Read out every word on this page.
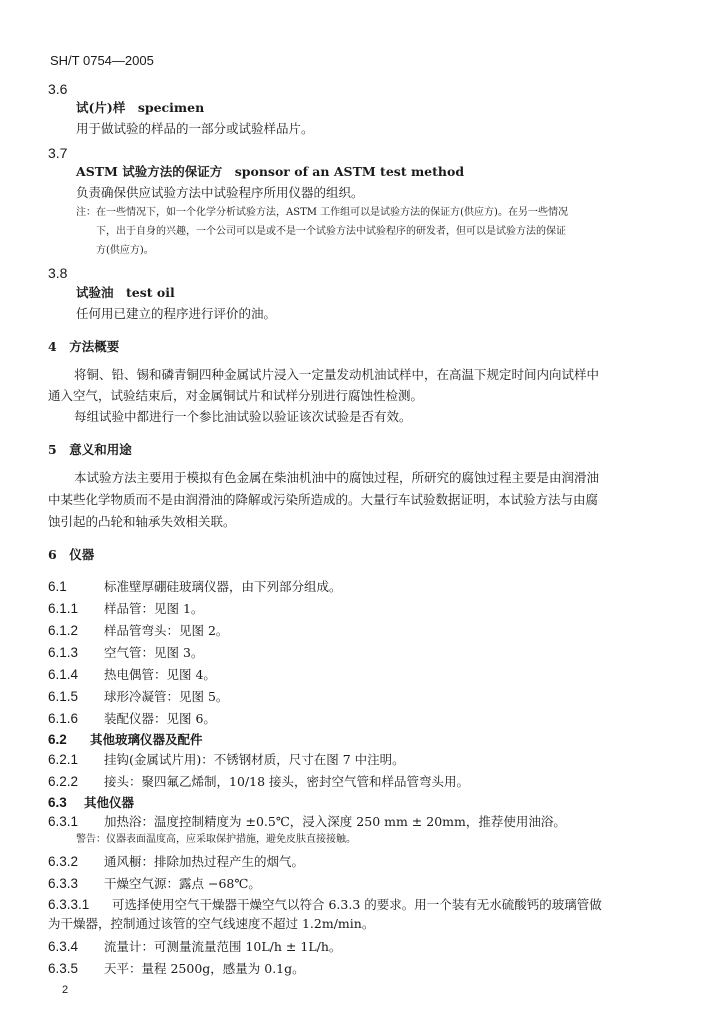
SH/T 0754—2005
3.6
试(片)样　specimen
用于做试验的样品的一部分或试验样品片。
3.7
ASTM 试验方法的保证方　sponsor of an ASTM test method
负责确保供应试验方法中试验程序所用仪器的组织。
注：在一些情况下，如一个化学分析试验方法，ASTM 工作组可以是试验方法的保证方(供应方)。在另一些情况
下，出于自身的兴趣，一个公司可以是或不是一个试验方法中试验程序的研发者，但可以是试验方法的保证
方(供应方)。
3.8
试验油　test oil
任何用已建立的程序进行评价的油。
4　方法概要
将铜、铅、锡和磷青铜四种金属试片浸入一定量发动机油试样中，在高温下规定时间内向试样中
通入空气，试验结束后，对金属铜试片和试样分别进行腐蚀性检测。
每组试验中都进行一个参比油试验以验证该次试验是否有效。
5　意义和用途
本试验方法主要用于模拟有色金属在柴油机油中的腐蚀过程，所研究的腐蚀过程主要是由润滑油
中某些化学物质而不是由润滑油的降解或污染所造成的。大量行车试验数据证明，本试验方法与由腐
蚀引起的凸轮和轴承失效相关联。
6　仪器
6.1	标准壁厚硼硅玻璃仪器，由下列部分组成。
6.1.1 样品管：见图 1。
6.1.2 样品管弯头：见图 2。
6.1.3 空气管：见图 3。
6.1.4 热电偶管：见图 4。
6.1.5 球形冷凝管：见图 5。
6.1.6 装配仪器：见图 6。
6.2 其他玻璃仪器及配件
6.2.1 挂钩(金属试片用)：不锈钢材质，尺寸在图 7 中注明。
6.2.2 接头：聚四氟乙烯制，10/18 接头，密封空气管和样品管弯头用。
6.3 其他仪器
6.3.1 加热浴：温度控制精度为 ±0.5℃，浸入深度 250 mm ± 20mm，推荐使用油浴。
警告：仪器表面温度高，应采取保护措施，避免皮肤直接接触。
6.3.2 通风橱：排除加热过程产生的烟气。
6.3.3 干燥空气源：露点 −68℃。
6.3.3.1 可选择使用空气干燥器干燥空气以符合 6.3.3 的要求。用一个装有无水硫酸钙的玻璃管做
为干燥器，控制通过该管的空气线速度不超过 1.2m/min。
6.3.4 流量计：可测量流量范围 10L/h ± 1L/h。
6.3.5 天平：量程 2500g，感量为 0.1g。
2
